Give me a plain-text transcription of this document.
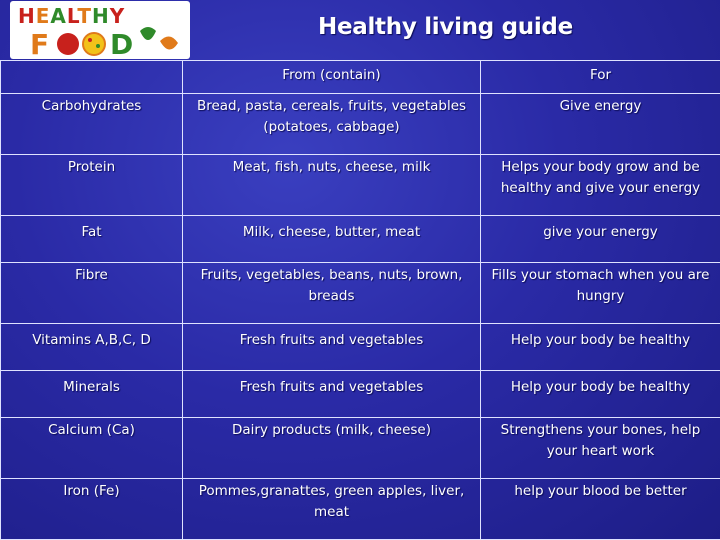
HEALTHY
F D
Healthy living guide
	From (contain)	For
Carbohydrates	Bread, pasta, cereals, fruits, vegetables (potatoes, cabbage)	Give energy
Protein	Meat, fish, nuts, cheese, milk	Helps your body grow and be healthy and give your energy
Fat	Milk, cheese, butter, meat	give your energy
Fibre	Fruits, vegetables, beans, nuts, brown, breads	Fills your stomach when you are hungry
Vitamins A,B,C, D	Fresh fruits and vegetables	Help your body be healthy
Minerals	Fresh fruits and vegetables	Help your body be healthy
Calcium (Ca)	Dairy products (milk, cheese)	Strengthens your bones, help your heart work
Iron (Fe)	Pommes,granattes, green apples, liver, meat	help your blood be better
